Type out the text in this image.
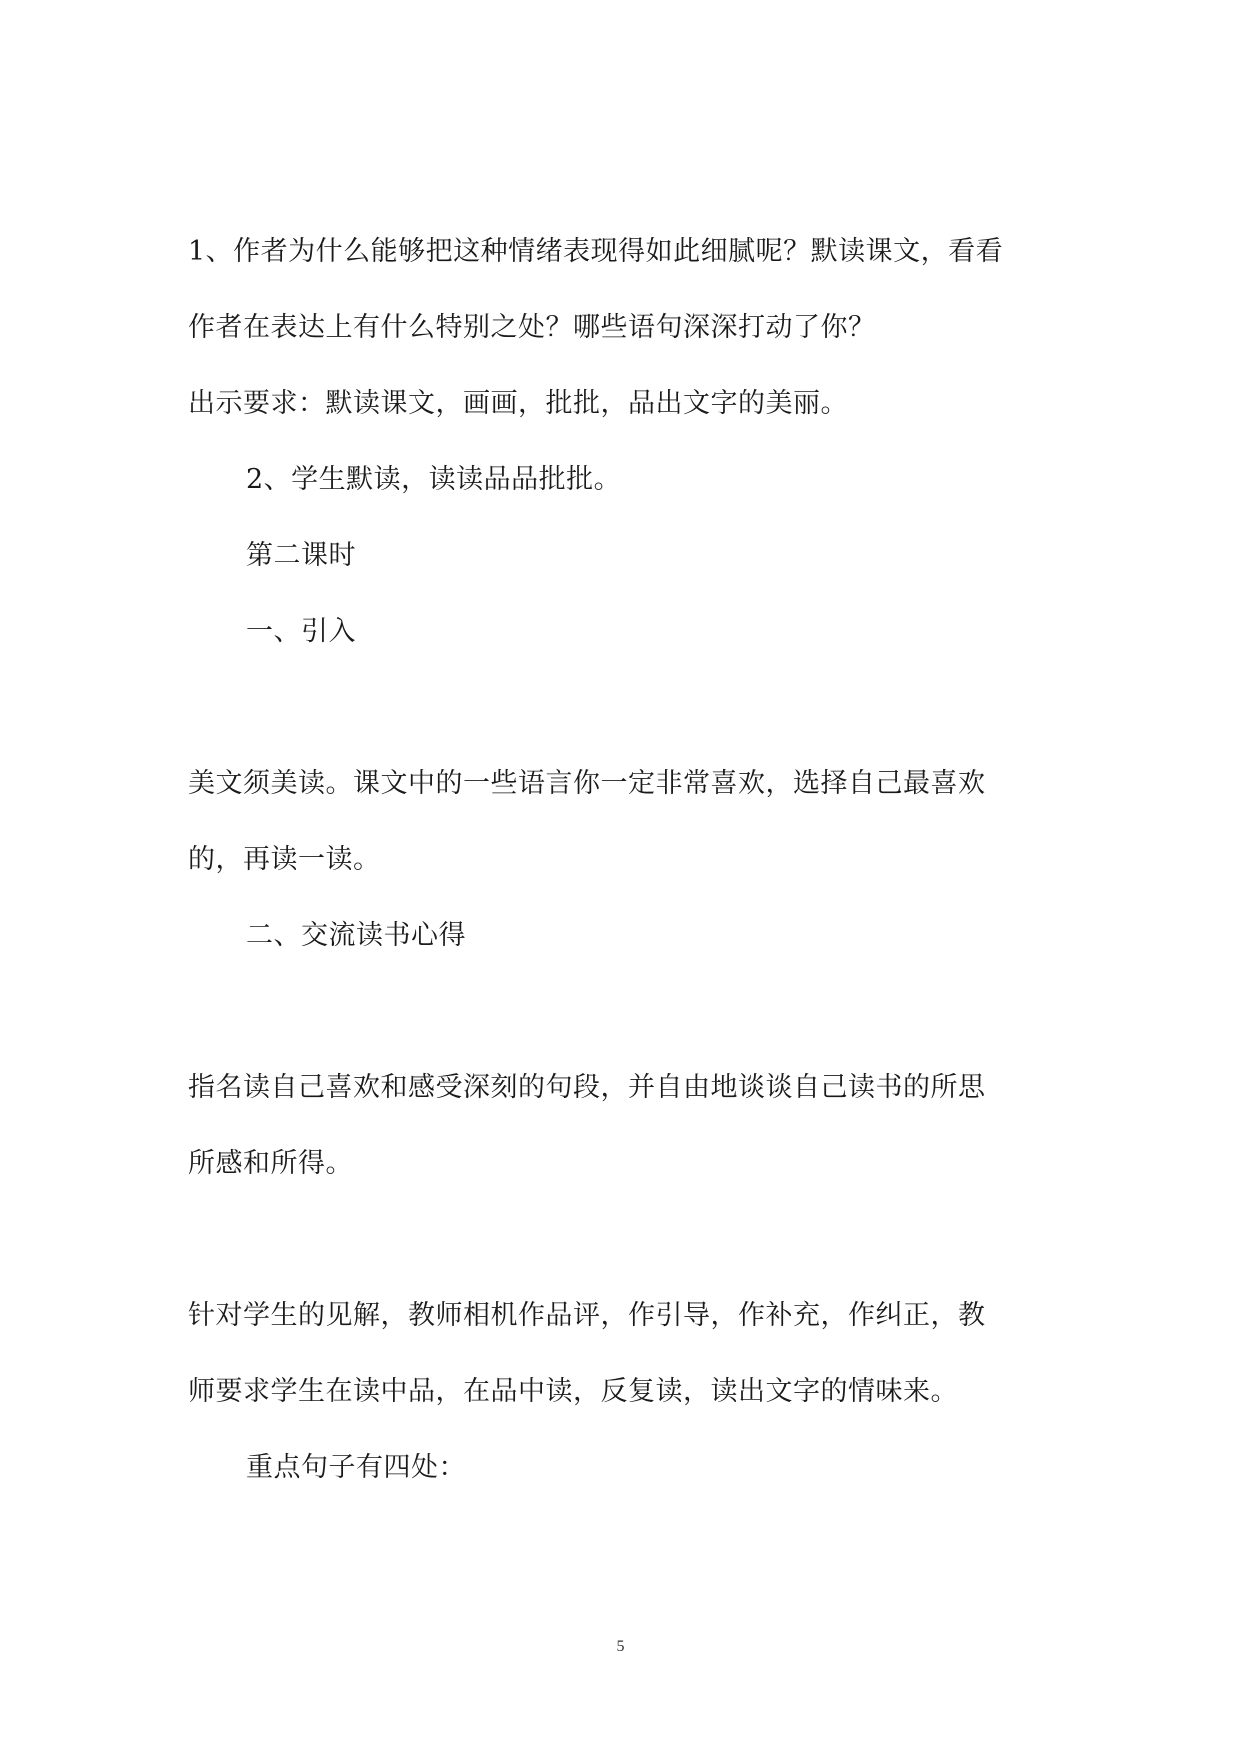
1、作者为什么能够把这种情绪表现得如此细腻呢？默读课文，看看
作者在表达上有什么特别之处？哪些语句深深打动了你？
出示要求：默读课文，画画，批批，品出文字的美丽。
2、学生默读，读读品品批批。
第二课时
一、引入
美文须美读。课文中的一些语言你一定非常喜欢，选择自己最喜欢
的，再读一读。
二、交流读书心得
指名读自己喜欢和感受深刻的句段，并自由地谈谈自己读书的所思
所感和所得。
针对学生的见解，教师相机作品评，作引导，作补充，作纠正，教
师要求学生在读中品，在品中读，反复读，读出文字的情味来。
重点句子有四处：
5
